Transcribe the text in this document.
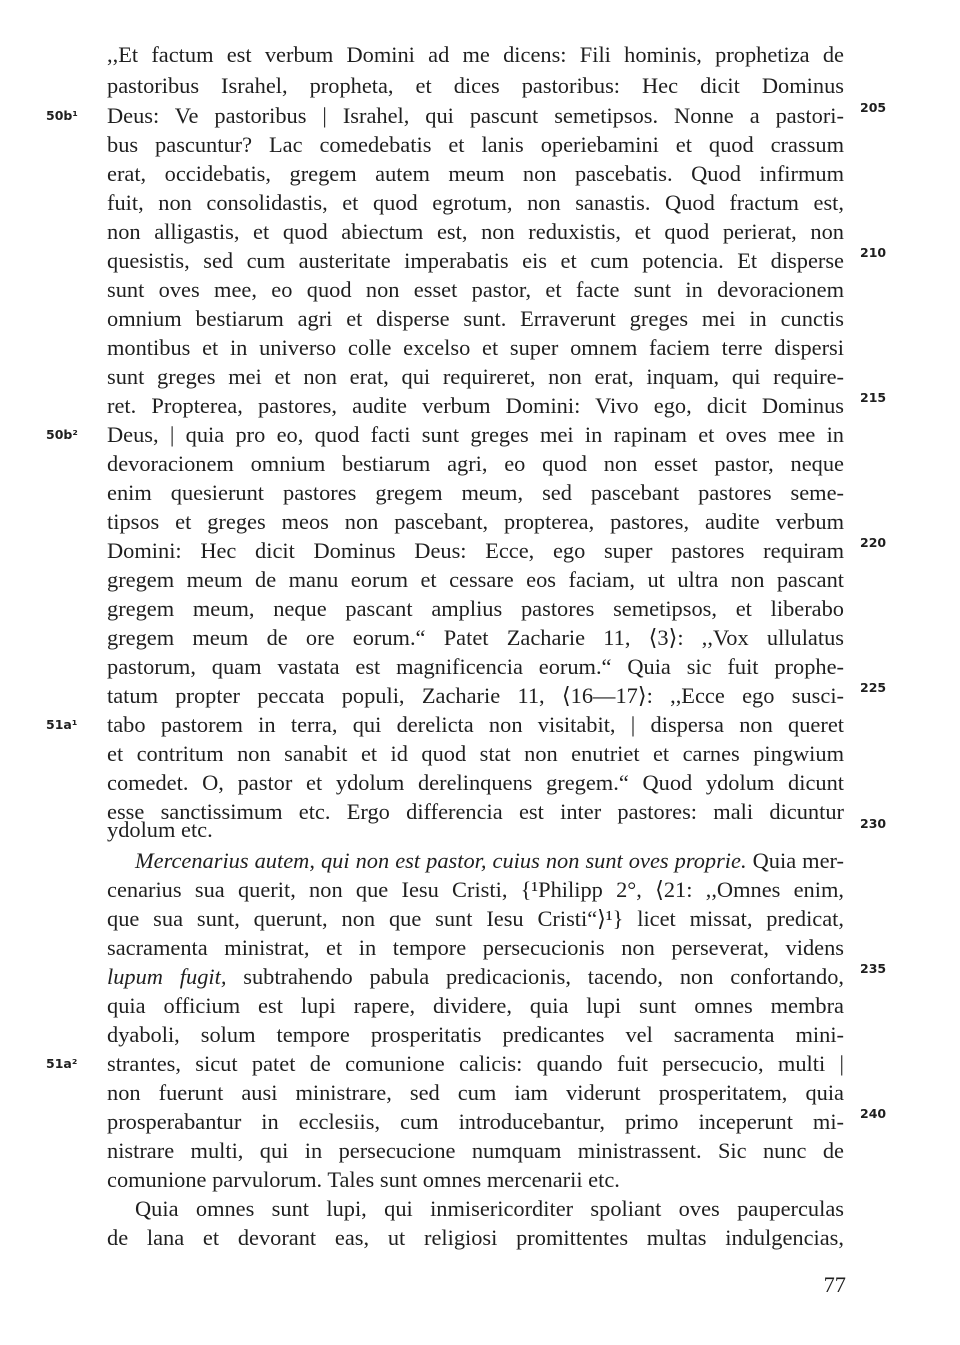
,,Et factum est verbum Domini ad me dicens: Fili hominis, prophetiza de
pastoribus Israhel, propheta, et dices pastoribus: Hec dicit Dominus
Deus: Ve pastoribus | Israhel, qui pascunt semetipsos. Nonne a pastori-
bus pascuntur? Lac comedebatis et lanis operiebamini et quod crassum
erat, occidebatis, gregem autem meum non pascebatis. Quod infirmum
fuit, non consolidastis, et quod egrotum, non sanastis. Quod fractum est,
non alligastis, et quod abiectum est, non reduxistis, et quod perierat, non
quesistis, sed cum austeritate imperabatis eis et cum potencia. Et disperse
sunt oves mee, eo quod non esset pastor, et facte sunt in devoracionem
omnium bestiarum agri et disperse sunt. Erraverunt greges mei in cunctis
montibus et in universo colle excelso et super omnem faciem terre dispersi
sunt greges mei et non erat, qui requireret, non erat, inquam, qui require-
ret. Propterea, pastores, audite verbum Domini: Vivo ego, dicit Dominus
Deus, | quia pro eo, quod facti sunt greges mei in rapinam et oves mee in
devoracionem omnium bestiarum agri, eo quod non esset pastor, neque
enim quesierunt pastores gregem meum, sed pascebant pastores seme-
tipsos et greges meos non pascebant, propterea, pastores, audite verbum
Domini: Hec dicit Dominus Deus: Ecce, ego super pastores requiram
gregem meum de manu eorum et cessare eos faciam, ut ultra non pascant
gregem meum, neque pascant amplius pastores semetipsos, et liberabo
gregem meum de ore eorum.“ Patet Zacharie 11, ⟨3⟩: ,,Vox ullulatus
pastorum, quam vastata est magnificencia eorum.“ Quia sic fuit prophe-
tatum propter peccata populi, Zacharie 11, ⟨16—17⟩: ,,Ecce ego susci-
tabo pastorem in terra, qui derelicta non visitabit, | dispersa non queret
et contritum non sanabit et id quod stat non enutriet et carnes pingwium
comedet. O, pastor et ydolum derelinquens gregem.“ Quod ydolum dicunt
esse sanctissimum etc. Ergo differencia est inter pastores: mali dicuntur
ydolum etc.
Mercenarius autem, qui non est pastor, cuius non sunt oves proprie. Quia mer-
cenarius sua querit, non que Iesu Cristi, {¹Philipp 2°, ⟨21: ,,Omnes enim,
que sua sunt, querunt, non que sunt Iesu Cristi“⟩¹} licet missat, predicat,
sacramenta ministrat, et in tempore persecucionis non perseverat, videns
lupum fugit, subtrahendo pabula predicacionis, tacendo, non confortando,
quia officium est lupi rapere, dividere, quia lupi sunt omnes membra
dyaboli, solum tempore prosperitatis predicantes vel sacramenta mini-
strantes, sicut patet de comunione calicis: quando fuit persecucio, multi |
non fuerunt ausi ministrare, sed cum iam viderunt prosperitatem, quia
prosperabantur in ecclesiis, cum introducebantur, primo inceperunt mi-
nistrare multi, qui in persecucione numquam ministrassent. Sic nunc de
comunione parvulorum. Tales sunt omnes mercenarii etc.
Quia omnes sunt lupi, qui inmisericorditer spoliant oves pauperculas
de lana et devorant eas, ut religiosi promittentes multas indulgencias,
50b¹
50b²
51a¹
51a²
205
210
215
220
225
230
235
240
77
